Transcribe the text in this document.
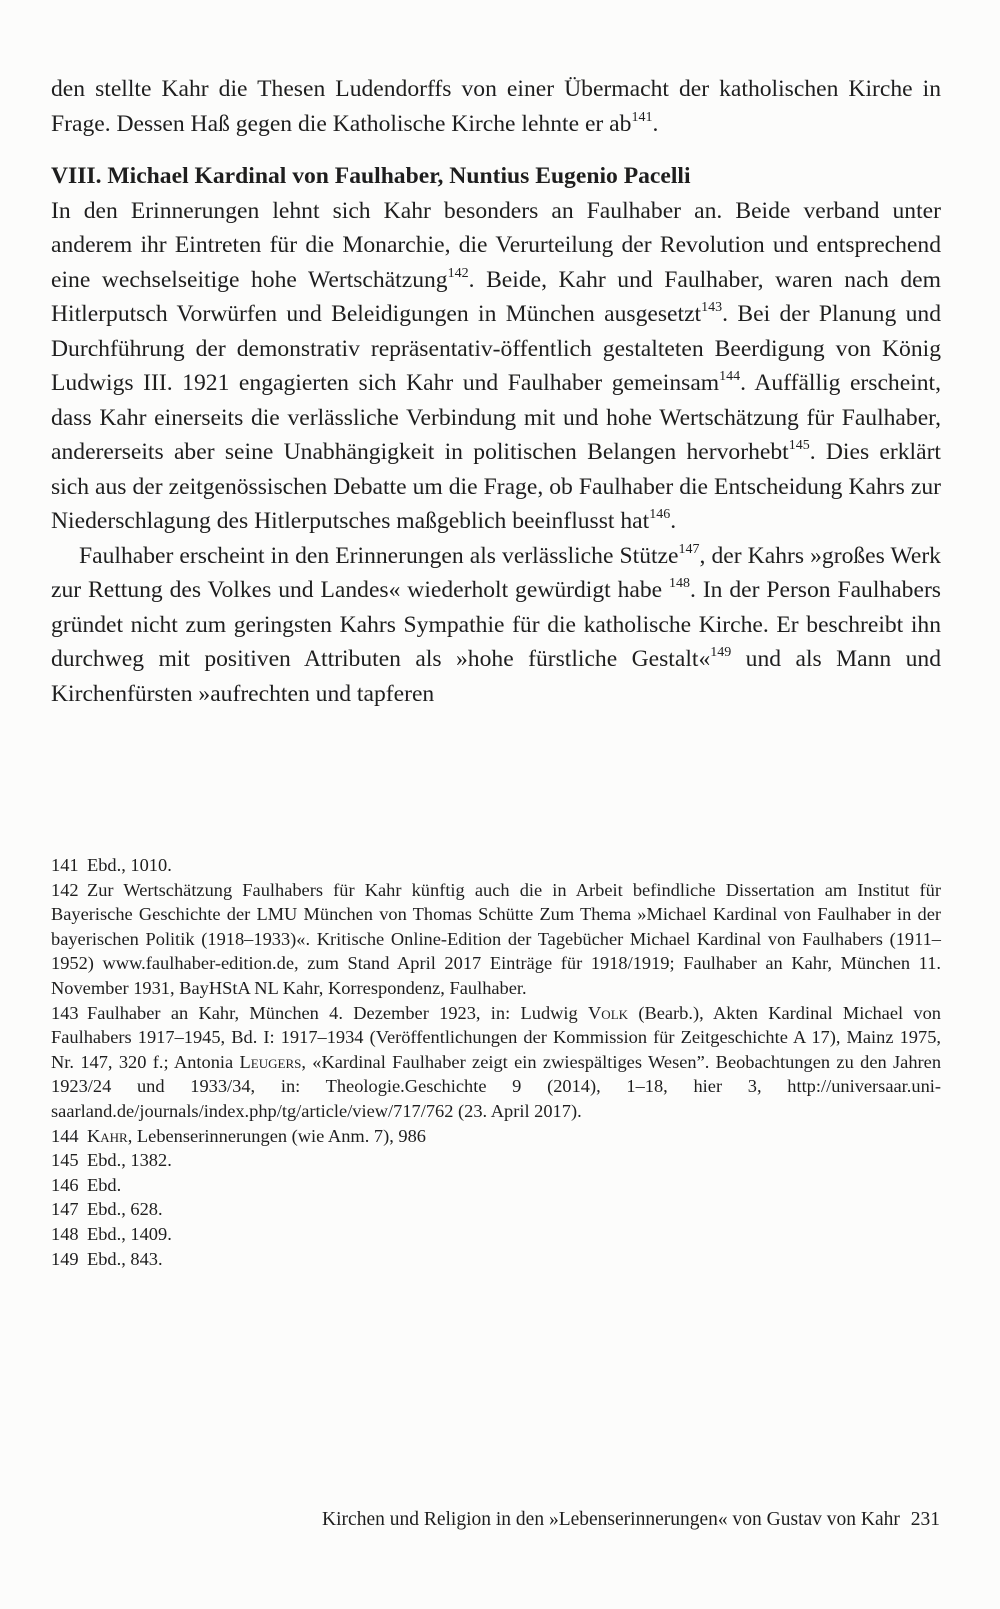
den stellte Kahr die Thesen Ludendorffs von einer Übermacht der katholischen Kirche in Frage. Dessen Haß gegen die Katholische Kirche lehnte er $ab^{141}$.

VIII. Michael Kardinal von Faulhaber, Nuntius Eugenio Pacelli

In den Erinnerungen lehnt sich Kahr besonders an Faulhaber an. Beide verband unter anderem ihr Eintreten für die Monarchie, die Verurteilung der Revolution und entsprechend eine wechselseitige hohe Wertschätzung$^{142}$. Beide, Kahr und Faulhaber, waren nach dem Hitlerputsch Vorwürfen und Beleidigungen in München ausgesetzt$^{143}$. Bei der Planung und Durchführung der demonstrativ repräsentativ-öffentlich gestalteten Beerdigung von König Ludwigs III. 1921 engagierten sich Kahr und Faulhaber gemeinsam$^{144}$. Auffällig erscheint, dass Kahr einerseits die verlässliche Verbindung mit und hohe Wertschätzung für Faulhaber, andererseits aber seine Unabhängigkeit in politischen Belangen hervorhebt$^{145}$. Dies erklärt sich aus der zeitgenössischen Debatte um die Frage, ob Faulhaber die Entscheidung Kahrs zur Niederschlagung des Hitlerputsches maßgeblich beeinflusst hat$^{146}$.

Faulhaber erscheint in den Erinnerungen als verlässliche Stütze$^{147}$, der Kahrs »großes Werk zur Rettung des Volkes und Landes« wiederholt gewürdigt habe $^{148}$. In der Person Faulhabers gründet nicht zum geringsten Kahrs Sympathie für die katholische Kirche. Er beschreibt ihn durchweg mit positiven Attributen als »hohe fürstliche Gestalt«$^{149}$ und als Mann und Kirchenfürsten »aufrechten und tapferen

141 Ebd., 1010.

142 Zur Wertschätzung Faulhabers für Kahr künftig auch die in Arbeit befindliche Dissertation am Institut für Bayerische Geschichte der LMU München von Thomas Schütte Zum Thema »Michael Kardinal von Faulhaber in der bayerischen Politik (1918–1933)«. Kritische Online-Edition der Tagebücher Michael Kardinal von Faulhabers (1911–1952) www.faulhaber-edition.de, zum Stand April 2017 Einträge für 1918/1919; Faulhaber an Kahr, München 11. November 1931, BayHStA NL Kahr, Korrespondenz, Faulhaber.

143 Faulhaber an Kahr, München 4. Dezember 1923, in: Ludwig Volk (Bearb.), Akten Kardinal Michael von Faulhabers 1917–1945, Bd. I: 1917–1934 (Veröffentlichungen der Kommission für Zeitgeschichte A 17), Mainz 1975, Nr. 147, 320 f.; Antonia Leugers, «Kardinal Faulhaber zeigt ein zwiespältiges Wesen”. Beobachtungen zu den Jahren 1923/24 und 1933/34, in: Theologie.Geschichte 9 (2014), 1–18, hier 3, http://universaar.uni-saarland.de/journals/index.php/tg/article/view/717/762 (23. April 2017).

144 Kahr, Lebenserinnerungen (wie Anm. 7), 986

145 Ebd., 1382.

146 Ebd.

147 Ebd., 628.

148 Ebd., 1409.

149 Ebd., 843.

Kirchen und Religion in den »Lebenserinnerungen« von Gustav von Kahr 231
